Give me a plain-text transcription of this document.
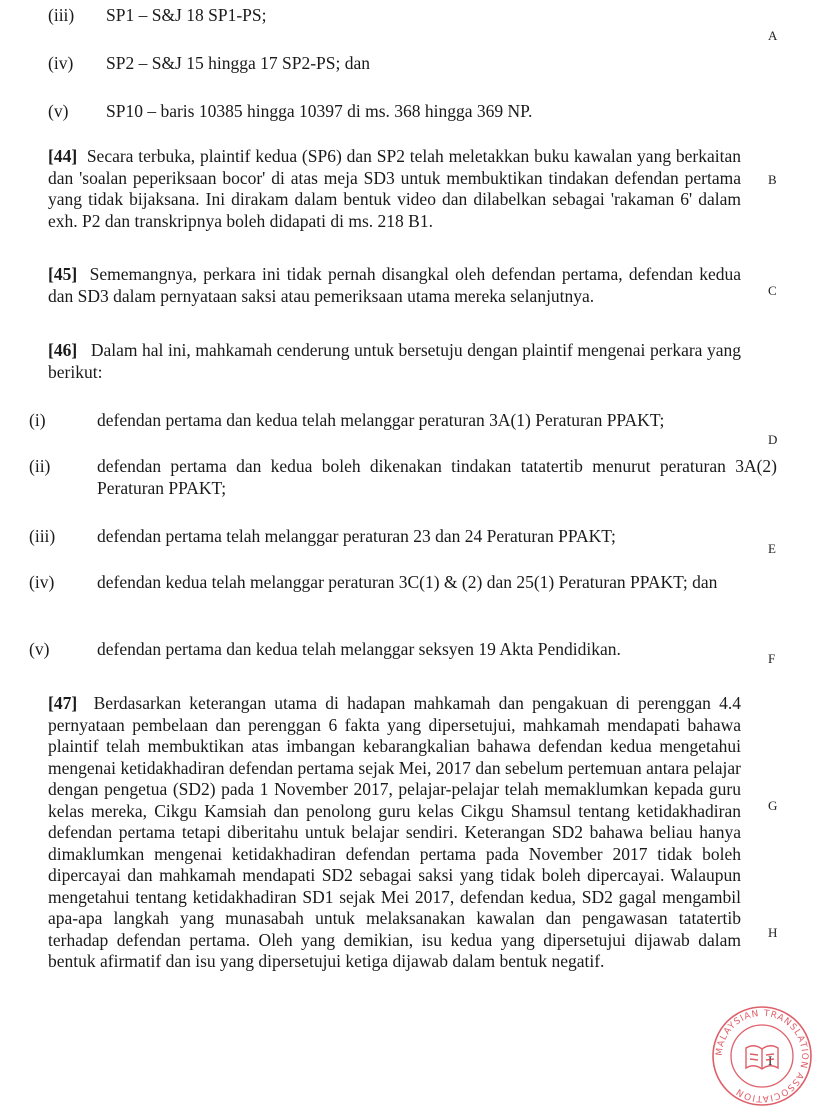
(iii) SP1 – S&J 18 SP1-PS;
(iv) SP2 – S&J 15 hingga 17 SP2-PS; dan
(v) SP10 – baris 10385 hingga 10397 di ms. 368 hingga 369 NP.
[44] Secara terbuka, plaintif kedua (SP6) dan SP2 telah meletakkan buku kawalan yang berkaitan dan 'soalan peperiksaan bocor' di atas meja SD3 untuk membuktikan tindakan defendan pertama yang tidak bijaksana. Ini dirakam dalam bentuk video dan dilabelkan sebagai 'rakaman 6' dalam exh. P2 dan transkripnya boleh didapati di ms. 218 B1.
[45] Sememangnya, perkara ini tidak pernah disangkal oleh defendan pertama, defendan kedua dan SD3 dalam pernyataan saksi atau pemeriksaan utama mereka selanjutnya.
[46] Dalam hal ini, mahkamah cenderung untuk bersetuju dengan plaintif mengenai perkara yang berikut:
(i)	defendan pertama dan kedua telah melanggar peraturan 3A(1) Peraturan PPAKT;
(ii)	defendan pertama dan kedua boleh dikenakan tindakan tatatertib menurut peraturan 3A(2) Peraturan PPAKT;
(iii) defendan pertama telah melanggar peraturan 23 dan 24 Peraturan PPAKT;
(iv) defendan kedua telah melanggar peraturan 3C(1) & (2) dan 25(1) Peraturan PPAKT; dan
(v)	defendan pertama dan kedua telah melanggar seksyen 19 Akta Pendidikan.
[47] Berdasarkan keterangan utama di hadapan mahkamah dan pengakuan di perenggan 4.4 pernyataan pembelaan dan perenggan 6 fakta yang dipersetujui, mahkamah mendapati bahawa plaintif telah membuktikan atas imbangan kebarangkalian bahawa defendan kedua mengetahui mengenai ketidakhadiran defendan pertama sejak Mei, 2017 dan sebelum pertemuan antara pelajar dengan pengetua (SD2) pada 1 November 2017, pelajar-pelajar telah memaklumkan kepada guru kelas mereka, Cikgu Kamsiah dan penolong guru kelas Cikgu Shamsul tentang ketidakhadiran defendan pertama tetapi diberitahu untuk belajar sendiri. Keterangan SD2 bahawa beliau hanya dimaklumkan mengenai ketidakhadiran defendan pertama pada November 2017 tidak boleh dipercayai dan mahkamah mendapati SD2 sebagai saksi yang tidak boleh dipercayai. Walaupun mengetahui tentang ketidakhadiran SD1 sejak Mei 2017, defendan kedua, SD2 gagal mengambil apa-apa langkah yang munasabah untuk melaksanakan kawalan dan pengawasan tatatertib terhadap defendan pertama. Oleh yang demikian, isu kedua yang dipersetujui dijawab dalam bentuk afirmatif dan isu yang dipersetujui ketiga dijawab dalam bentuk negatif.
A
B
C
D
E
F
G
H
I
MALAYSIAN TRANSLATION ASSOCIATION
